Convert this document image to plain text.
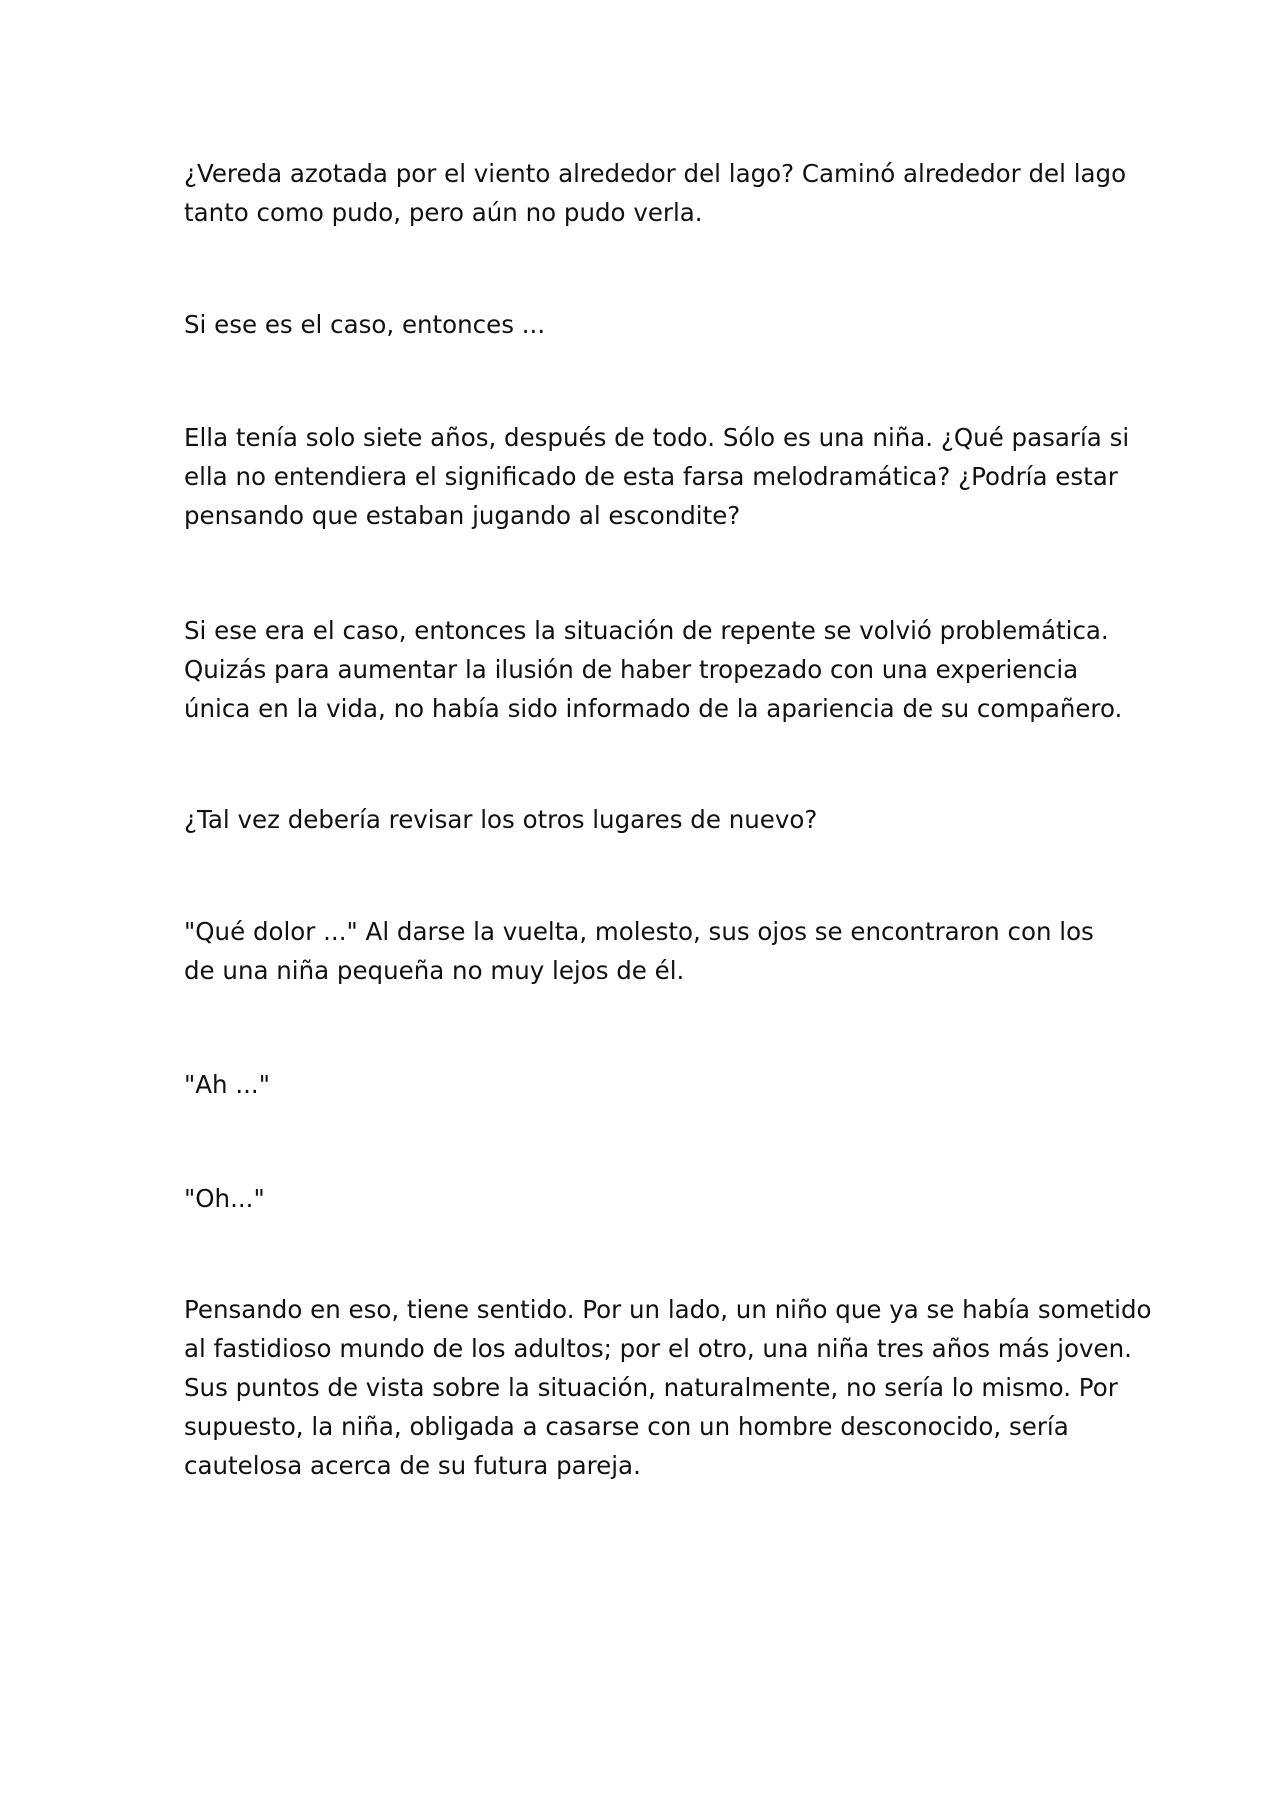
¿Vereda azotada por el viento alrededor del lago? Caminó alrededor del lago
tanto como pudo, pero aún no pudo verla.

Si ese es el caso, entonces ...

Ella tenía solo siete años, después de todo. Sólo es una niña. ¿Qué pasaría si
ella no entendiera el significado de esta farsa melodramática? ¿Podría estar
pensando que estaban jugando al escondite?

Si ese era el caso, entonces la situación de repente se volvió problemática.
Quizás para aumentar la ilusión de haber tropezado con una experiencia
única en la vida, no había sido informado de la apariencia de su compañero.

¿Tal vez debería revisar los otros lugares de nuevo?

"Qué dolor ..." Al darse la vuelta, molesto, sus ojos se encontraron con los
de una niña pequeña no muy lejos de él.

"Ah ..."

"Oh..."

Pensando en eso, tiene sentido. Por un lado, un niño que ya se había sometido
al fastidioso mundo de los adultos; por el otro, una niña tres años más joven.
Sus puntos de vista sobre la situación, naturalmente, no sería lo mismo. Por
supuesto, la niña, obligada a casarse con un hombre desconocido, sería
cautelosa acerca de su futura pareja.
